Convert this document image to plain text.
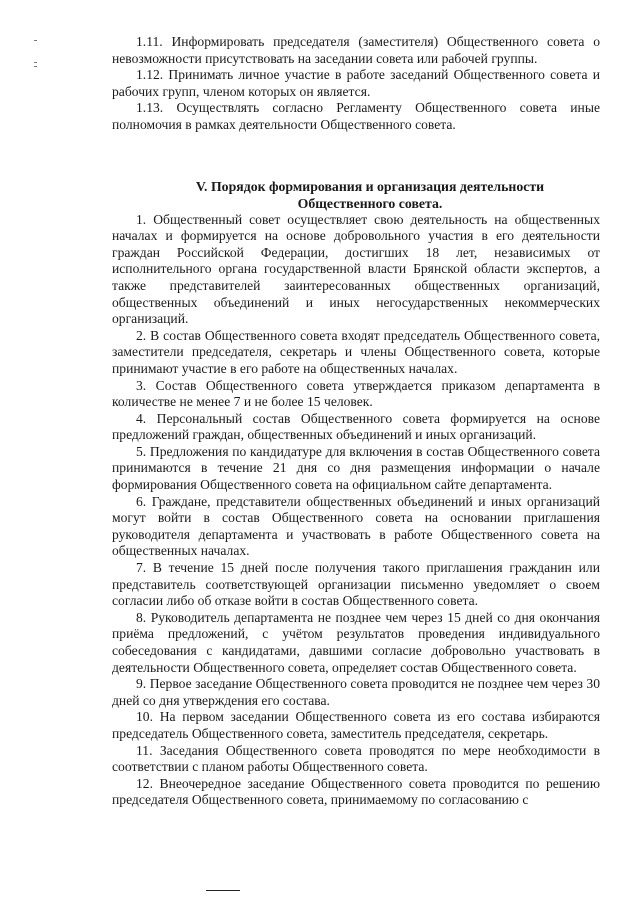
1.11. Информировать председателя (заместителя) Общественного совета о невозможности присутствовать на заседании совета или рабочей группы.

1.12. Принимать личное участие в работе заседаний Общественного совета и рабочих групп, членом которых он является.

1.13. Осуществлять согласно Регламенту Общественного совета иные полномочия в рамках деятельности Общественного совета.

V. Порядок формирования и организация деятельности
Общественного совета.

1. Общественный совет осуществляет свою деятельность на общественных началах и формируется на основе добровольного участия в его деятельности граждан Российской Федерации, достигших 18 лет, независимых от исполнительного органа государственной власти Брянской области экспертов, а также представителей заинтересованных общественных организаций, общественных объединений и иных негосударственных некоммерческих организаций.

2. В состав Общественного совета входят председатель Общественного совета, заместители председателя, секретарь и члены Общественного совета, которые принимают участие в его работе на общественных началах.

3. Состав Общественного совета утверждается приказом департамента в количестве не менее 7 и не более 15 человек.

4. Персональный состав Общественного совета формируется на основе предложений граждан, общественных объединений и иных организаций.

5. Предложения по кандидатуре для включения в состав Общественного совета принимаются в течение 21 дня со дня размещения информации о начале формирования Общественного совета на официальном сайте департамента.

6. Граждане, представители общественных объединений и иных организаций могут войти в состав Общественного совета на основании приглашения руководителя департамента и участвовать в работе Общественного совета на общественных началах.

7. В течение 15 дней после получения такого приглашения гражданин или представитель соответствующей организации письменно уведомляет о своем согласии либо об отказе войти в состав Общественного совета.

8. Руководитель департамента не позднее чем через 15 дней со дня окончания приёма предложений, с учётом результатов проведения индивидуального собеседования с кандидатами, давшими согласие добровольно участвовать в деятельности Общественного совета, определяет состав Общественного совета.

9. Первое заседание Общественного совета проводится не позднее чем через 30 дней со дня утверждения его состава.

10. На первом заседании Общественного совета из его состава избираются председатель Общественного совета, заместитель председателя, секретарь.

11. Заседания Общественного совета проводятся по мере необходимости в соответствии с планом работы Общественного совета.

12. Внеочередное заседание Общественного совета проводится по решению председателя Общественного совета, принимаемому по согласованию с
